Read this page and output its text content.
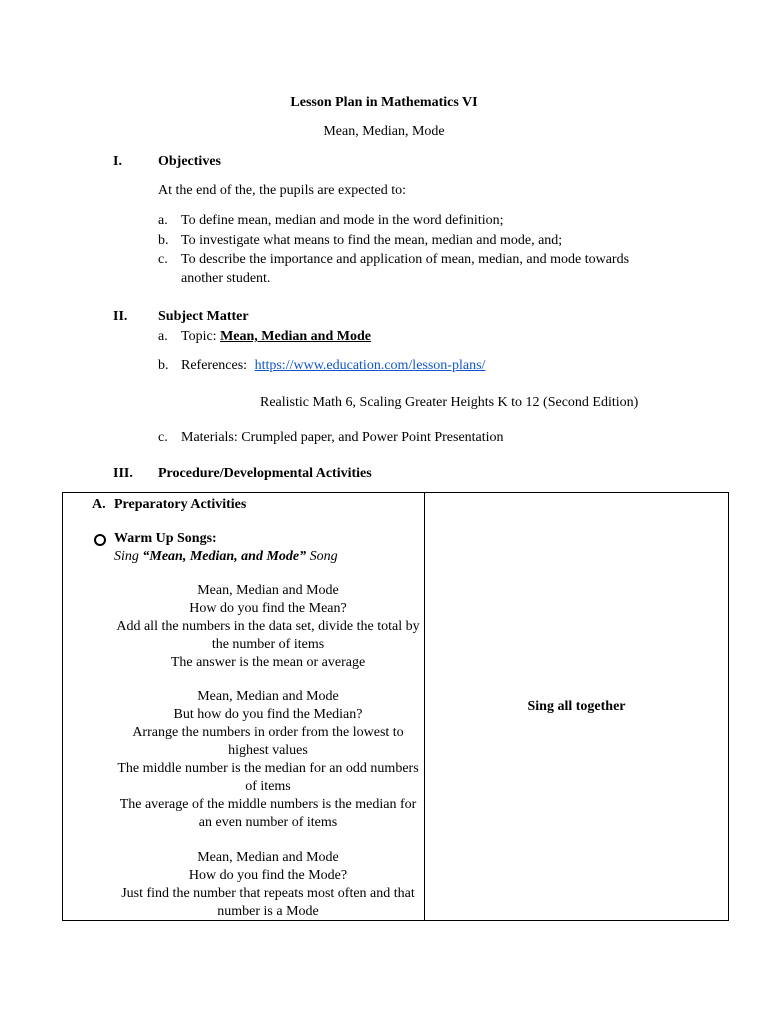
Lesson Plan in Mathematics VI
Mean, Median, Mode
I.	Objectives
At the end of the, the pupils are expected to:
a. To define mean, median and mode in the word definition;
b. To investigate what means to find the mean, median and mode, and;
c. To describe the importance and application of mean, median, and mode towards
another student.
II. Subject Matter
a. Topic: Mean, Median and Mode
b. References: https://www.education.com/lesson-plans/
Realistic Math 6, Scaling Greater Heights K to 12 (Second Edition)
c. Materials: Crumpled paper, and Power Point Presentation
III. Procedure/Developmental Activities
A. Preparatory Activities
Warm Up Songs:
Sing “Mean, Median, and Mode” Song
Mean, Median and Mode
How do you find the Mean?
Add all the numbers in the data set, divide the total by the number of items
The answer is the mean or average
Mean, Median and Mode
But how do you find the Median?
Arrange the numbers in order from the lowest to highest values
The middle number is the median for an odd numbers of items
The average of the middle numbers is the median for an even number of items
Mean, Median and Mode
How do you find the Mode?
Just find the number that repeats most often and that number is a Mode
	Sing all together
